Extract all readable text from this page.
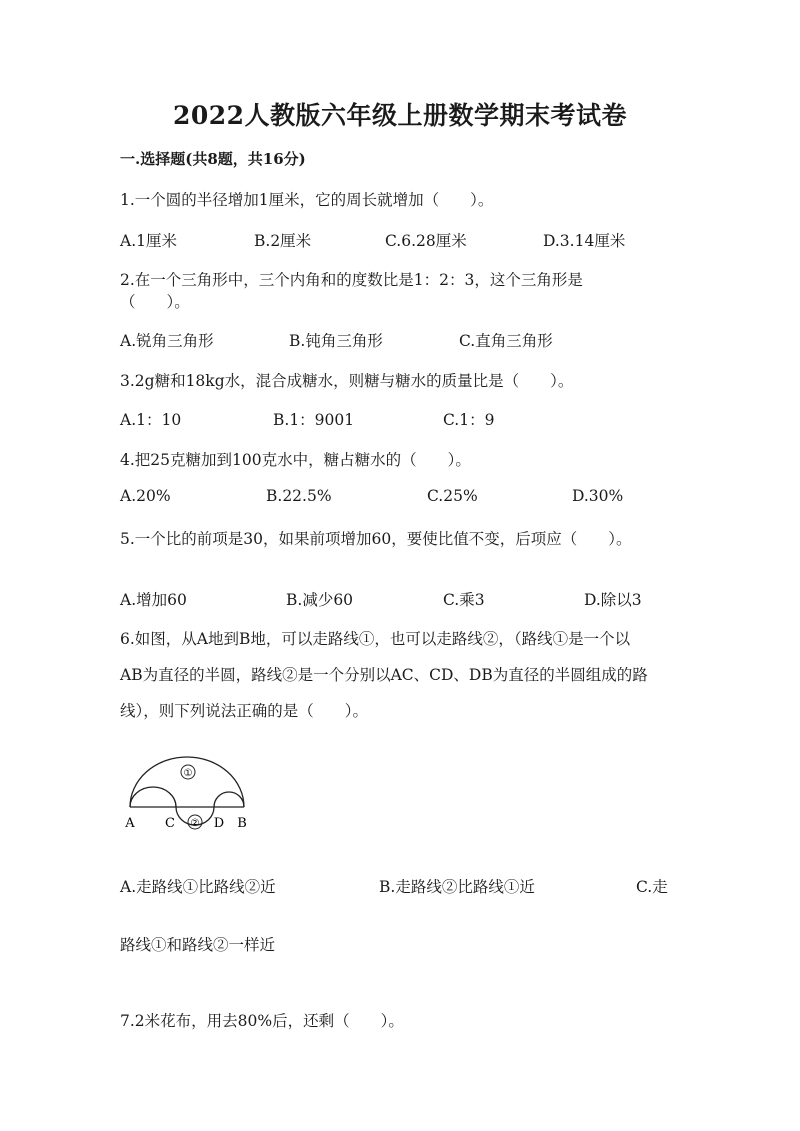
2022人教版六年级上册数学期末考试卷
一.选择题(共8题，共16分)
1.一个圆的半径增加1厘米，它的周长就增加（　　）。
A.1厘米	B.2厘米	C.6.28厘米	D.3.14厘米
2.在一个三角形中，三个内角和的度数比是1：2：3，这个三角形是
（　　）。
A.锐角三角形	B.钝角三角形	C.直角三角形
3.2g糖和18kg水，混合成糖水，则糖与糖水的质量比是（　　）。
A.1：10	B.1：9001	C.1：9
4.把25克糖加到100克水中，糖占糖水的（　　）。
A.20%	B.22.5%	C.25%	D.30%
5.一个比的前项是30，如果前项增加60，要使比值不变，后项应（　　）。
A.增加60	B.减少60	C.乘3	D.除以3
6.如图，从A地到B地，可以走路线①，也可以走路线②，（路线①是一个以
AB为直径的半圆，路线②是一个分别以AC、CD、DB为直径的半圆组成的路
线），则下列说法正确的是（　　）。
①
②
A C	D B
A.走路线①比路线②近	B.走路线②比路线①近	C.走
路线①和路线②一样近
7.2米花布，用去80%后，还剩（　　）。
